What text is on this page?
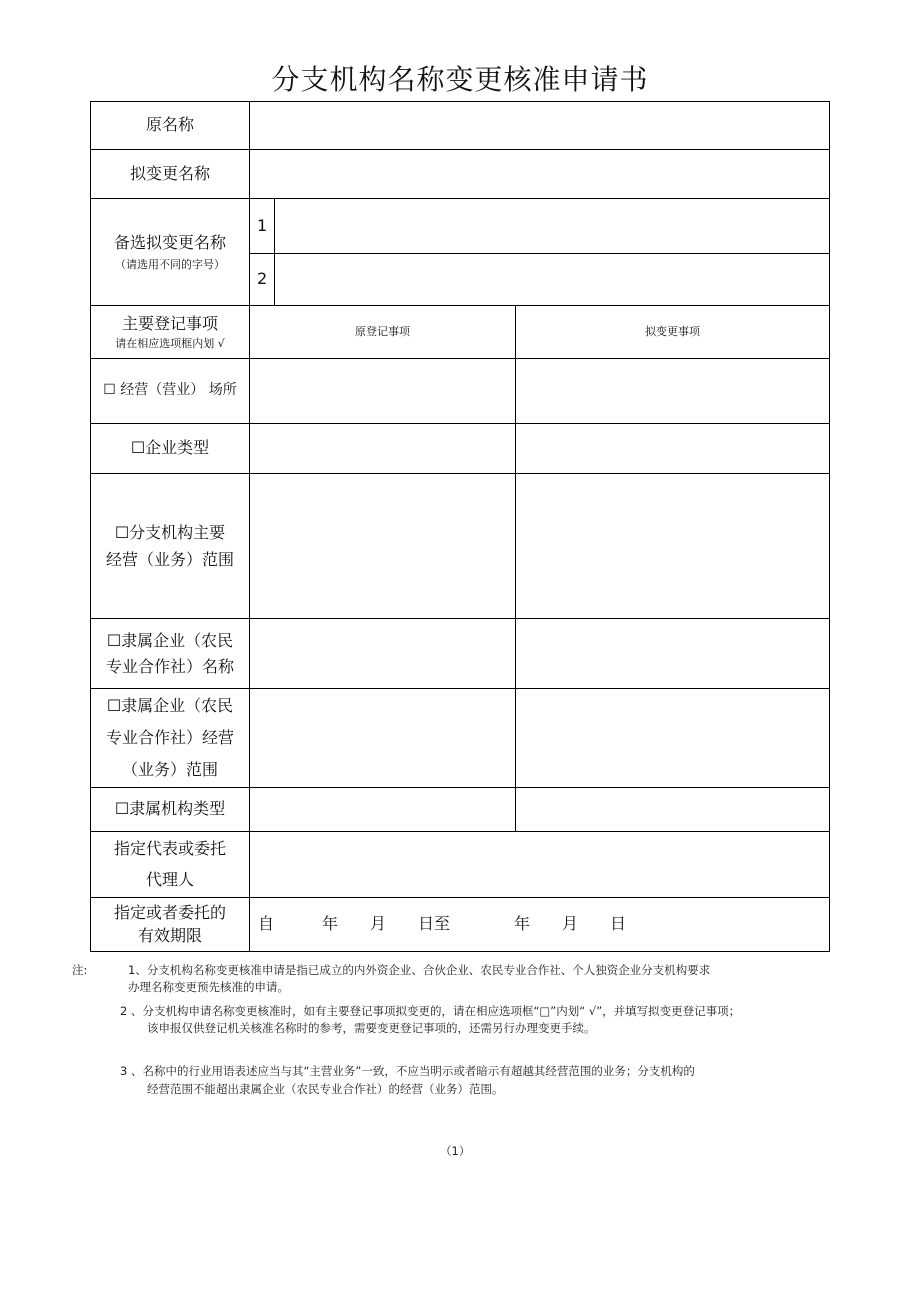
分支机构名称变更核准申请书
原名称
拟变更名称
备选拟变更名称
（请选用不同的字号）
1
2
主要登记事项
请在相应选项框内划 √
原登记事项	拟变更事项
☐ 经营（营业） 场所
☐企业类型
☐分支机构主要
经营（业务）范围
☐隶属企业（农民
专业合作社）名称
☐隶属企业（农民
专业合作社）经营
（业务）范围
☐隶属机构类型
指定代表或委托
代理人
指定或者委托的
有效期限
自　　　年　　月　　日至　　　　年　　月　　日
注:	1、分支机构名称变更核准申请是指已成立的内外资企业、合伙企业、农民专业合作社、个人独资企业分支机构要求
办理名称变更预先核准的申请。
2 、分支机构申请名称变更核准时，如有主要登记事项拟变更的，请在相应选项框“□”内划“ √”，并填写拟变更登记事项；
该申报仅供登记机关核准名称时的参考，需要变更登记事项的，还需另行办理变更手续。
3 、名称中的行业用语表述应当与其“主营业务”一致，不应当明示或者暗示有超越其经营范围的业务；分支机构的
经营范围不能超出隶属企业（农民专业合作社）的经营（业务）范围。
（1）
